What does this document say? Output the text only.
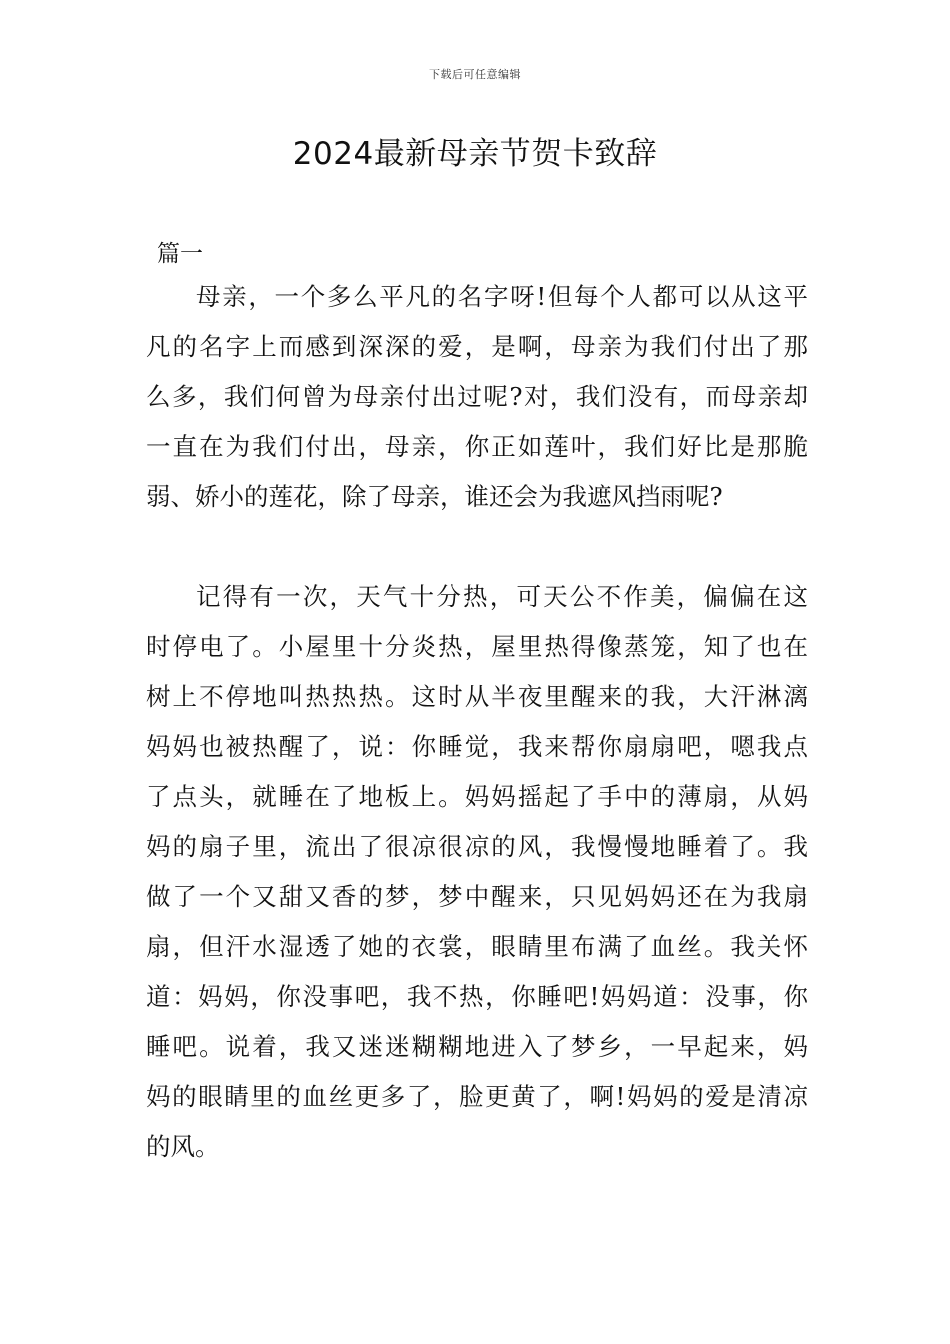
下载后可任意编辑
2024最新母亲节贺卡致辞
篇一
母亲，一个多么平凡的名字呀!但每个人都可以从这平
凡的名字上而感到深深的爱，是啊，母亲为我们付出了那
么多，我们何曾为母亲付出过呢?对，我们没有，而母亲却
一直在为我们付出，母亲，你正如莲叶，我们好比是那脆
弱、娇小的莲花，除了母亲，谁还会为我遮风挡雨呢?
记得有一次，天气十分热，可天公不作美，偏偏在这
时停电了。小屋里十分炎热，屋里热得像蒸笼，知了也在
树上不停地叫热热热。这时从半夜里醒来的我，大汗淋漓
妈妈也被热醒了，说：你睡觉，我来帮你扇扇吧，嗯我点
了点头，就睡在了地板上。妈妈摇起了手中的薄扇，从妈
妈的扇子里，流出了很凉很凉的风，我慢慢地睡着了。我
做了一个又甜又香的梦，梦中醒来，只见妈妈还在为我扇
扇，但汗水湿透了她的衣裳，眼睛里布满了血丝。我关怀
道：妈妈，你没事吧，我不热，你睡吧!妈妈道：没事，你
睡吧。说着，我又迷迷糊糊地进入了梦乡，一早起来，妈
妈的眼睛里的血丝更多了，脸更黄了，啊!妈妈的爱是清凉
的风。
